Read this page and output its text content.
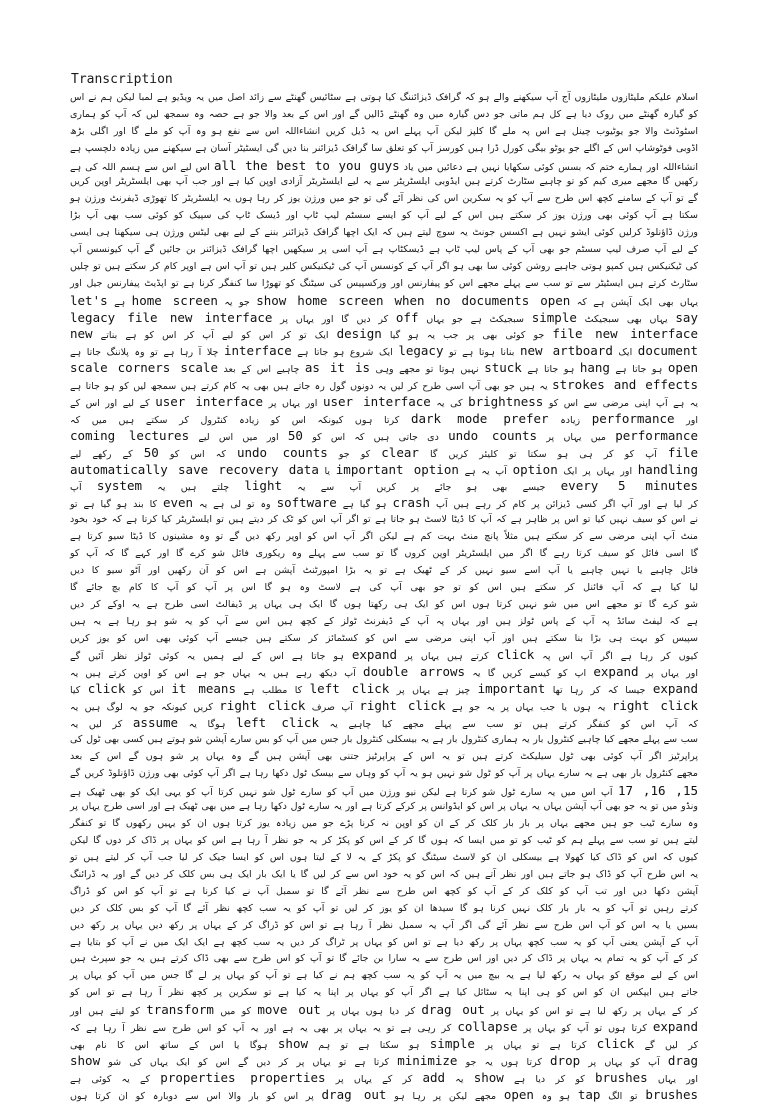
Transcription
اسلام علیکم ملیٹازوں ملیٹازوں آج آپ سیکھنے والے ہو کہ گرافک ڈیزائننگ کیا ہوتی ہے سٹائیس گھنٹے سے زائد اصل میں یہ ویڈیو ہے لمبا لیکن ہم نے اس
کو گیارہ گھنٹے میں روک دیا ہے کل ہم ماتی جو دس گیارہ میں وہ گھنٹے ڈالیں گے اور اس کے بعد والا جو ہے حصہ وہ سمجھ لیں کہ آپ کو ہماری
اسٹوڈنٹ والا جو یوٹیوب چینل ہے اس پہ ملے گا کلپز لیکن آپ پہلے اس یہ ڈیل کریں انشاءاللہ اس سے نفع ہو وہ آپ کو ملے گا اور اگلی بڑھ
اڈوبی فوٹوشاپ اس کے اگلے جو یوٹو بیگی کورل ڈرا ہیں کورسز آپ کو تعلق سا گرافک ڈیزائنر بنا دیں گی ایسٹیٹر آسان ہے سیکھنے میں زیادہ دلچسپ ہے
انشاءاللہ اور ہمارے ختم کہ بسس کوئی سکھایا نہیں ہے دعائیں میں یاد all the best to you guys اس لیے اس سے ہسم اللہ کی ہے
رکھیں گا مجھے میری کیم کو تو چاہیے سٹارٹ کرتے ہیں ایڈوبی ایلسٹریٹر سے یہ لیے ایلسٹریٹر آزادی اوپن کیا ہے اور جب آپ بھی ایلسٹریٹر اوپن کریں
گے تو آپ کے سامنے کچھ اس طرح سے آپ کو یہ سکرین اس کی نظر آئے گی تو جو میں ورژن یوز کر رہا ہوں یہ ایلسٹریٹر کا تھوڑی ڈیفرنٹ ورژن ہو
سکتا ہے آپ کوئی بھی ورژن یوز کر سکتے ہیں اس کے لیے آپ کو ایسے سسٹم لیپ ٹاپ اور ڈیسک ٹاپ کی سپیک کو کوئی سب بھی آپ بڑا
ورژن ڈاؤنلوڈ کرلیں کوئی ایشو نہیں ہے اکسس جونٹ یہ سوچ لیتے ہیں کہ ایک اچھا گرافک ڈیزائنر بننے کے لیے بھی لیٹس ورژن ہی سیکھنا ہی ایسی
کے لیے آپ صرف لیپ سسٹم جو بھی آپ کے پاس لیپ ٹاپ ہے ڈیسکٹاپ ہے آپ اسی پر سیکھیں اچھا گرافک ڈیزائنر بن جائیں گے آپ کیونسس آپ
کی ٹیکنیکس ہیں کمپو ہوتی جاہیے روشن کوئی سا بھی ہو اگر آپ کے کونسس آپ کی ٹیکنیکس کلیر ہیں تو آپ اس ہے اوپر کام کر سکتے ہیں تو چلیں
سٹارٹ کرتے ہیں ایسٹیٹر سے تو سب سے پہلے مجھے اس کو پیفارنس اور ورکسپیس کی سیٹنگ کو تھوڑا سا کنفگر کرنا ہے تو اپڈیٹ پیفارنس جیل اور
یہاں بھی ایک آپشن ہے کہ show home screen when no documents open جو یہ home screen ہے let's
say یہاں بھی سبجیکٹ simple سبجیکٹ ہے جو یہاں off کر دیں گا اور یہاں پر legacy file new interface
file new interface جو کوئی بھی پر جب یہ ہو گیا design ایک تو کر اس کو لیے آپ کر اس کو ہے بناتے new
document ایک new artboard بنانا ہوتا ہے تو legacy ایک شروع ہو جاتا ہے interface چلا آ رہا ہے تو وہ پلاننگ جاتا ہے
open ہو جاتا ہے hang ہو جاتا ہے stuck نہیں ہوتا تو مجھے وہی as it is چاہیے اس کے بعد scale corners scale
strokes and effects یہ ہیں جو بھی آپ اسی طرح کر لیں یہ دونوں گول رہ جاتے ہیں بھی یہ کام کرتے ہیں سمجھ لیں کو ہو جاتا ہے
یہ ہے آپ اپنی مرضی سے اس کو brightness کی یہ user interface اور یہاں پر user interface کے لیے اور اس کے
اور performance زیادہ dark mode prefer کرتا ہوں کیونکہ اس کو زیادہ کنٹرول کر سکتے ہیں میں کہ
performance میں یہاں پر undo counts دی جاتی ہیں کہ اس کو 50 اور میں اس لیے coming lectures
file آپ کو کر ہی ہو سکتا تو کلیئر کریں گا clear کو جو undo counts کہ اس کو 50 کے رکھے لیے
handling اور یہاں پر ایک option آپ یہ ہے important option یا automatically save recovery data
every 5 minutes جیسے بھی ہو جائے پر کریں آپ سے یہ light چلتے ہیں یہ system آپ
کر لیا ہے اور آپ اگر کسی ڈیزائن پر کام کر رہے ہیں آپ crash ہو گیا ہے software وہ تو لی ہے یہ even کا بند ہو گیا ہے تو
نے اس کو سیف نہیں کیا تو اس پر ظاہر ہے کہ آپ کا ڈیٹا لاسٹ ہو جاتا ہے تو اگر آپ اس کو ٹک کر دیتے ہیں تو ایلسٹریٹر کیا کرتا ہے کہ خود بخود
منٹ آپ اپنی مرضی سے کر سکتے ہیں مثلاً پانچ منٹ بہت کم ہے لیکن اگر آپ اس کو اوپر رکھ دیں گے تو وہ مشینوں کا ڈیٹا سیو کرتا ہے
گا اسی فائل کو سیف کرتا رہے گا اگر میں ایلسٹریٹر اوپن کروں گا تو سب سے پہلے وہ ریکوری فائل شو کرے گا اور کہے گا کہ آپ کو
فائل چاہیے یا نہیں چاہیے یا آپ اسے سیو نہیں کر کے ٹھیک ہے تو یہ بڑا امپورٹنٹ آپشن ہے اس کو آن رکھیں اور آٹو سیو کا دیں
لیا کیا ہے کہ آپ فائنل کر سکتے ہیں اس کو تو جو بھی آپ کی ہے لاسٹ وہ ہو گا اس پر آپ کو آپ کا کام بچ جائے گا
شو کرے گا تو مجھے اس میں شو نہیں کرتا ہوں اس کو ایک ہی رکھتا ہوں گا ایک ہی یہاں پر ڈیفالٹ اسی طرح ہے یہ اوکے کر دیں
ہے کہ لیفٹ سائڈ پہ آپ کے پاس ٹولز ہیں اور یہاں پہ آپ کے ڈیفرنٹ ٹولز کے کچھ ہیں اس سے آپ کو یہ شو ہو رہا ہے یہ ہیں
سپیس کو بہت ہی بڑا بنا سکتے ہیں اور آپ اپنی مرضی سے اس کو کسٹمائز کر سکتے ہیں جیسے آپ کوئی بھی اس کو یوز کریں
کیوں کر رہا ہے اگر آپ اس پہ click کرتے ہیں یہاں پر expand ہو جاتا ہے اس کے لیے ہمیں یہ کوئی ٹولز نظر آئیں گے
اور یہاں پر expand اپ کو کیسے کریں گا یہ double arrows آپ دیکھ رہے ہیں یہ یہاں جو ہے اس کو اوپن کرتے ہیں یہ
expand جیسا کہ کر رہا تھا important چیز ہے یہاں پر left click کا مطلب ہے it means اس کو click کیا
right click یہ ہوں یا جب یہاں پر یہ جو ہے right click آپ صرف right click کریں کیونکہ جو یہ لوگ ہیں یہ
کہ آپ اس کو کنفگر کرتے ہیں تو سب سے پہلے مجھے کیا چاہیے یہ left click ہوگا یہ assume کر لیں یہ
سب سے پہلے مجھے کیا چاہیے کنٹرول بار یہ ہماری کنٹرول بار ہے یہ بیسکلی کنٹرول بار جس میں آپ کو بس سارے آپشن شو ہوتے ہیں کسی بھی ٹول کی
پراپرٹیز اگر آپ کوئی بھی ٹول سیلیکٹ کرتے ہیں تو یہ اس کے پراپرٹیز جتنی بھی آپشن ہیں گے وہ یہاں پر شو ہوں گے اس کے بعد
مجھے کنٹرول بار بھی ہے یہ سارے یہاں پر آپ کو ٹول شو نہیں ہو یہ آپ کو وہاں سے بیسک ٹول دکھا رہا ہے اگر آپ کوئی بھی ورژن ڈاؤنلوڈ کریں گے
17 ,16 ,15 آپ اس میں یہ سارے ٹول شو کرتا ہے لیکن نیو ورژن میں آپ کو سارے ٹول شو نہیں کرتا آپ کو یہی ایک کو بھی ٹھیک ہے
ونڈو میں تو یہ جو بھی آپ آپشن یہاں یہ یہاں پر اس کو ایڈوانس پر کرکے کرتا ہے اور یہ سارے ٹول دکھا رہا ہے میں بھی ٹھیک ہے اور اسی طرح یہاں پر
وہ سارے ٹیب جو ہیں مجھے یہاں پر بار بار کلک کر کے ان کو اوپن نہ کرنا پڑے جو میں زیادہ یوز کرتا ہوں ان کو یہیں رکھوں گا تو کنفگر
لیتے ہیں تو سب سے پہلے ہم کو ٹیب کو تو میں ایسا کہ ہوں گا کر کے اس کو پکڑ کر یہ جو نظر آ رہا ہے اس کو یہاں پر ڈاک کر دوں گا لیکن
کیوں کہ اس کو ڈاک کیا کھولا ہے بیسکلی ان کو لاسٹ سیٹنگ کو پکڑ کے یہ لا کے لیتا ہوں اس کو ایسا جیک کر لیا جب آپ کر لیتے ہیں تو
یہ اس طرح آپ کو ڈاک ہو جاتے ہیں اور نظر آتے ہیں کہ اس کو یہ خود اس سے کر لیں گا یا ایک بار ایک ہی بس کلک کر دیں گے اور یہ ڈرائنگ
آپشن دکھا دیں اور تب آپ کو کلک کر کے آپ کو کچھ اس طرح سے نظر آئے گا تو سمبل آپ نے کیا کرنا ہے تو آپ کو اس کو ڈراگ
کرتے رہیں تو آپ کو یہ بار بار کلک نہیں کرنا ہو گا سیدھا ان کو یوز کر لیں تو آپ کو یہ سب کچھ نظر آئے گا آپ کو بس کلک کر دیں
بسیں یا یہ اس کو آپ اس طرح سے نظر آئے گی اگر آپ یہ سمبل نظر آ رہا ہے تو اس کو ڈراگ کر کے یہاں پر رکھ دیں یہاں پر رکھ دیں
آپ کے آپشن یعنی آپ کو یہ سب کچھ یہاں پر رکھ دیا ہے تو اس کو یہاں پر ٹراگ کر دیں یہ سب کچھ ہے ایک ایک میں نے آپ کو بتایا ہے
کر کے آپ کو یہ تمام یہ یہاں پر ڈاک کر دیں اور اس طرح سے یہ سارا بن جائے گا تو آپ کو اس طرح سے بھی ڈاک کرتے ہیں یہ جو سپرٹ ہیں
اس کے لیے موقع کو یہاں یہ رکھ لیا ہے یہ بیچ میں یہ آپ کو یہ سب کچھ ہم نے کیا ہے تو آپ کو یہاں پر لے گا جس میں آپ کو یہاں پر
جاتے ہیں ایپکس ان کو اس کو ہی اپنا یہ سٹائل کیا ہے اگر آپ کو یہاں پر اپنا یہ کیا ہے تو سکرین پر کچھ نظر آ رہا ہے تو اس کو
کر کے یہاں پر رکھ لیا ہے تو اس کو یہاں پر drag out کر دیا ہوں یہاں پر move out کو میں transform کو لیتے ہیں اور
expand کرتا ہوں تو آپ کو یہاں پر collapse کر رہی ہے تو یہ یہاں پر بھی یہ ہے اور یہ آپ کو اس طرح سے نظر آ رہا ہے کہ
کر لیں گے click کرتا ہے تو یہاں پر simple ہو سکتا ہے تو ہم show ہوگا یا اس کے ساتھ اس کا نام بھی
drag آپ کو یہاں پر drop کرتا ہوں یہ جو minimize کرتا ہے تو یہاں پر کر دیں گے اس کو ایک یہاں کی شو show
اور یہاں brushes کو کر دیا ہے show یہ add کر کے یہاں پر properties properties کے یہ کوئی ہے
brushes تو الگ tap ہو وہ open مجھے لیکن پر رہا ہو drag out پر اس کو بار والا اس سے دوبارہ کو ان کرتا ہوں
